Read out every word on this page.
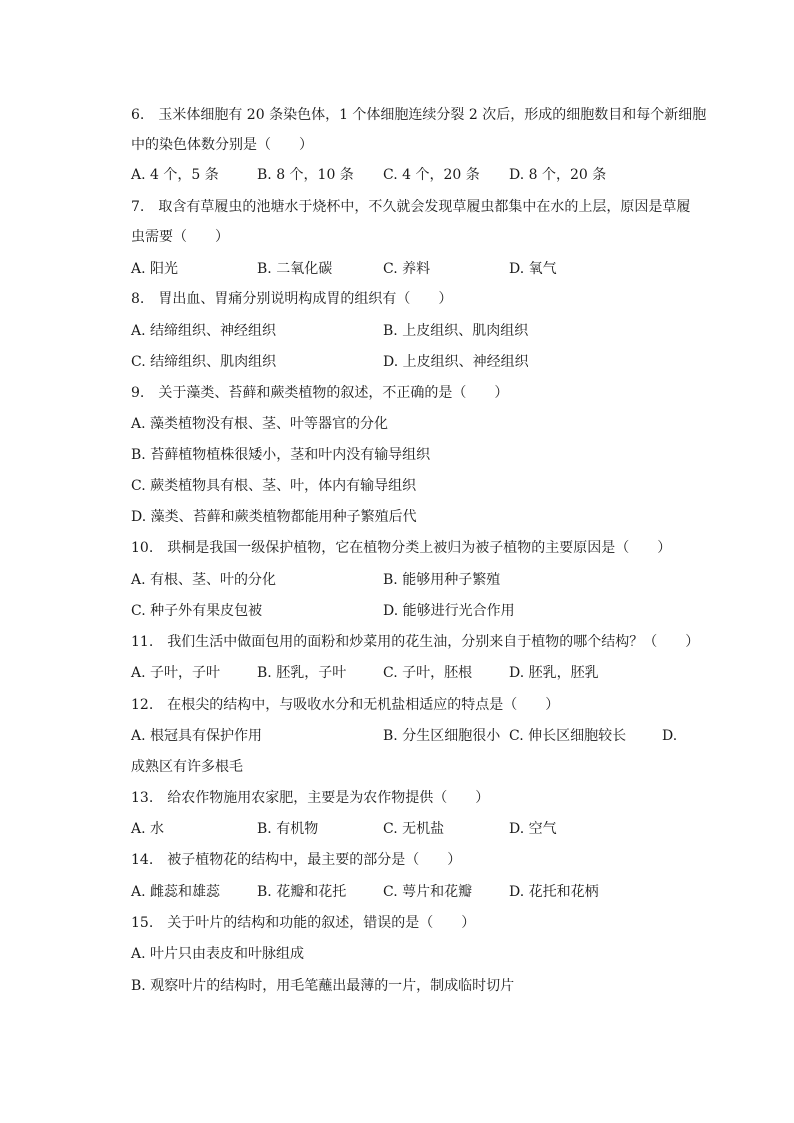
6.　玉米体细胞有 20 条染色体，1 个体细胞连续分裂 2 次后，形成的细胞数目和每个新细胞
中的染色体数分别是（　　）
A. 4 个，5 条	B. 8 个，10 条 C. 4 个，20 条 D. 8 个，20 条
7.　取含有草履虫的池塘水于烧杯中，不久就会发现草履虫都集中在水的上层，原因是草履
虫需要（　　）
A. 阳光	B. 二氧化碳	C. 养料	D. 氧气
8.　胃出血、胃痛分别说明构成胃的组织有（　　）
A. 结缔组织、神经组织	B. 上皮组织、肌肉组织
C. 结缔组织、肌肉组织	D. 上皮组织、神经组织
9.　关于藻类、苔藓和蕨类植物的叙述，不正确的是（　　）
A. 藻类植物没有根、茎、叶等器官的分化
B. 苔藓植物植株很矮小，茎和叶内没有输导组织
C. 蕨类植物具有根、茎、叶，体内有输导组织
D. 藻类、苔藓和蕨类植物都能用种子繁殖后代
10.　珙桐是我国一级保护植物，它在植物分类上被归为被子植物的主要原因是（　　）
A. 有根、茎、叶的分化	B. 能够用种子繁殖
C. 种子外有果皮包被	D. 能够进行光合作用
11.　我们生活中做面包用的面粉和炒菜用的花生油，分别来自于植物的哪个结构？（　　）
A. 子叶，子叶	B. 胚乳，子叶	C. 子叶，胚根	D. 胚乳，胚乳
12.　在根尖的结构中，与吸收水分和无机盐相适应的特点是（　　）
A. 根冠具有保护作用	B. 分生区细胞很小 C. 伸长区细胞较长	D.
成熟区有许多根毛
13.　给农作物施用农家肥，主要是为农作物提供（　　）
A. 水	B. 有机物	C. 无机盐	D. 空气
14.　被子植物花的结构中，最主要的部分是（　　）
A. 雌蕊和雄蕊	B. 花瓣和花托	C. 萼片和花瓣	D. 花托和花柄
15.　关于叶片的结构和功能的叙述，错误的是（　　）
A. 叶片只由表皮和叶脉组成
B. 观察叶片的结构时，用毛笔蘸出最薄的一片，制成临时切片
